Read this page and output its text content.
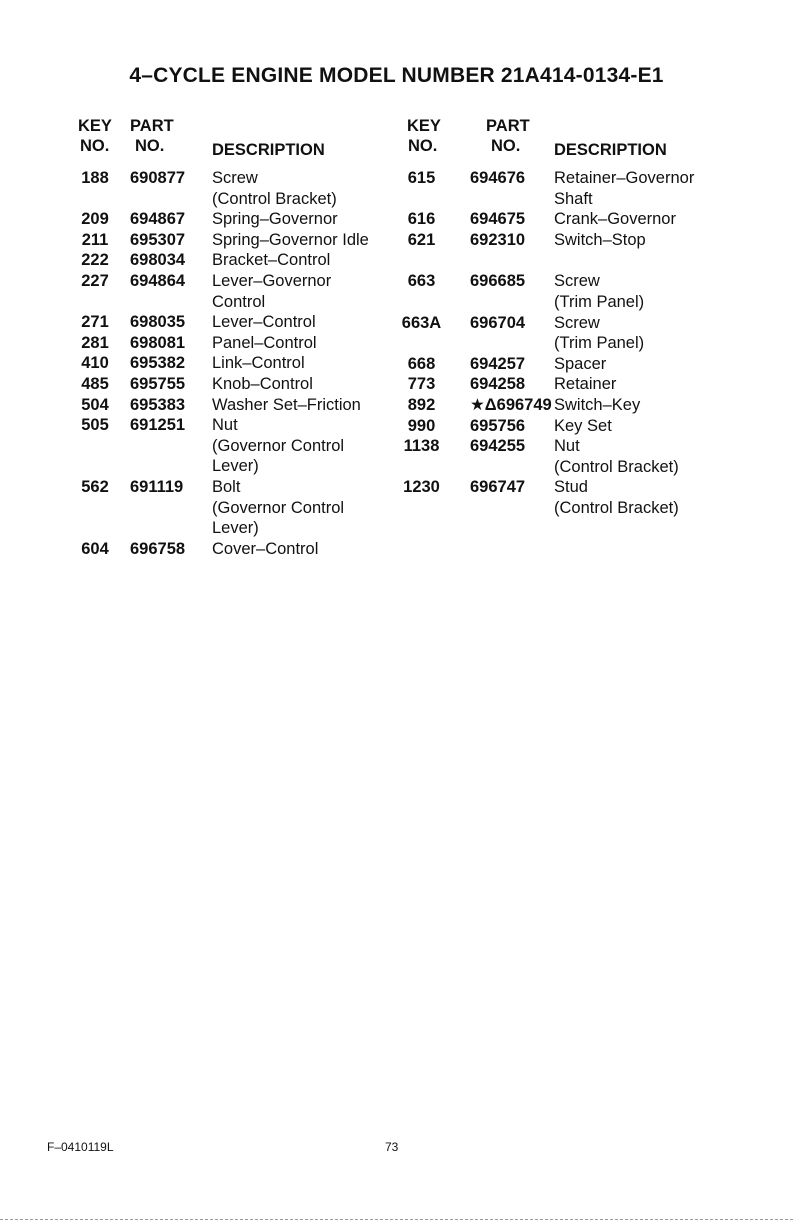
4–CYCLE ENGINE MODEL NUMBER 21A414-0134-E1
KEY
NO.
PART
NO.	DESCRIPTION
188	690877	Screw
(Control Bracket)
209	694867	Spring–Governor
211	695307	Spring–Governor Idle
222	698034	Bracket–Control
227	694864	Lever–Governor
Control
271	698035	Lever–Control
281	698081	Panel–Control
410	695382	Link–Control
485	695755	Knob–Control
504	695383	Washer Set–Friction
505	691251	Nut
(Governor Control
Lever)
562	691119	Bolt
(Governor Control
Lever)
604	696758	Cover–Control
KEY
NO.
PART
NO. DESCRIPTION
615	694676	Retainer–Governor
Shaft
616	694675	Crank–Governor
621	692310	Switch–Stop
663	696685	Screw
(Trim Panel)
663A	696704	Screw
(Trim Panel)
668	694257	Spacer
773	694258	Retainer
892	★Δ696749 Switch–Key
990	695756	Key Set
1138	694255	Nut
(Control Bracket)
1230	696747	Stud
(Control Bracket)
F–0410119L	73
